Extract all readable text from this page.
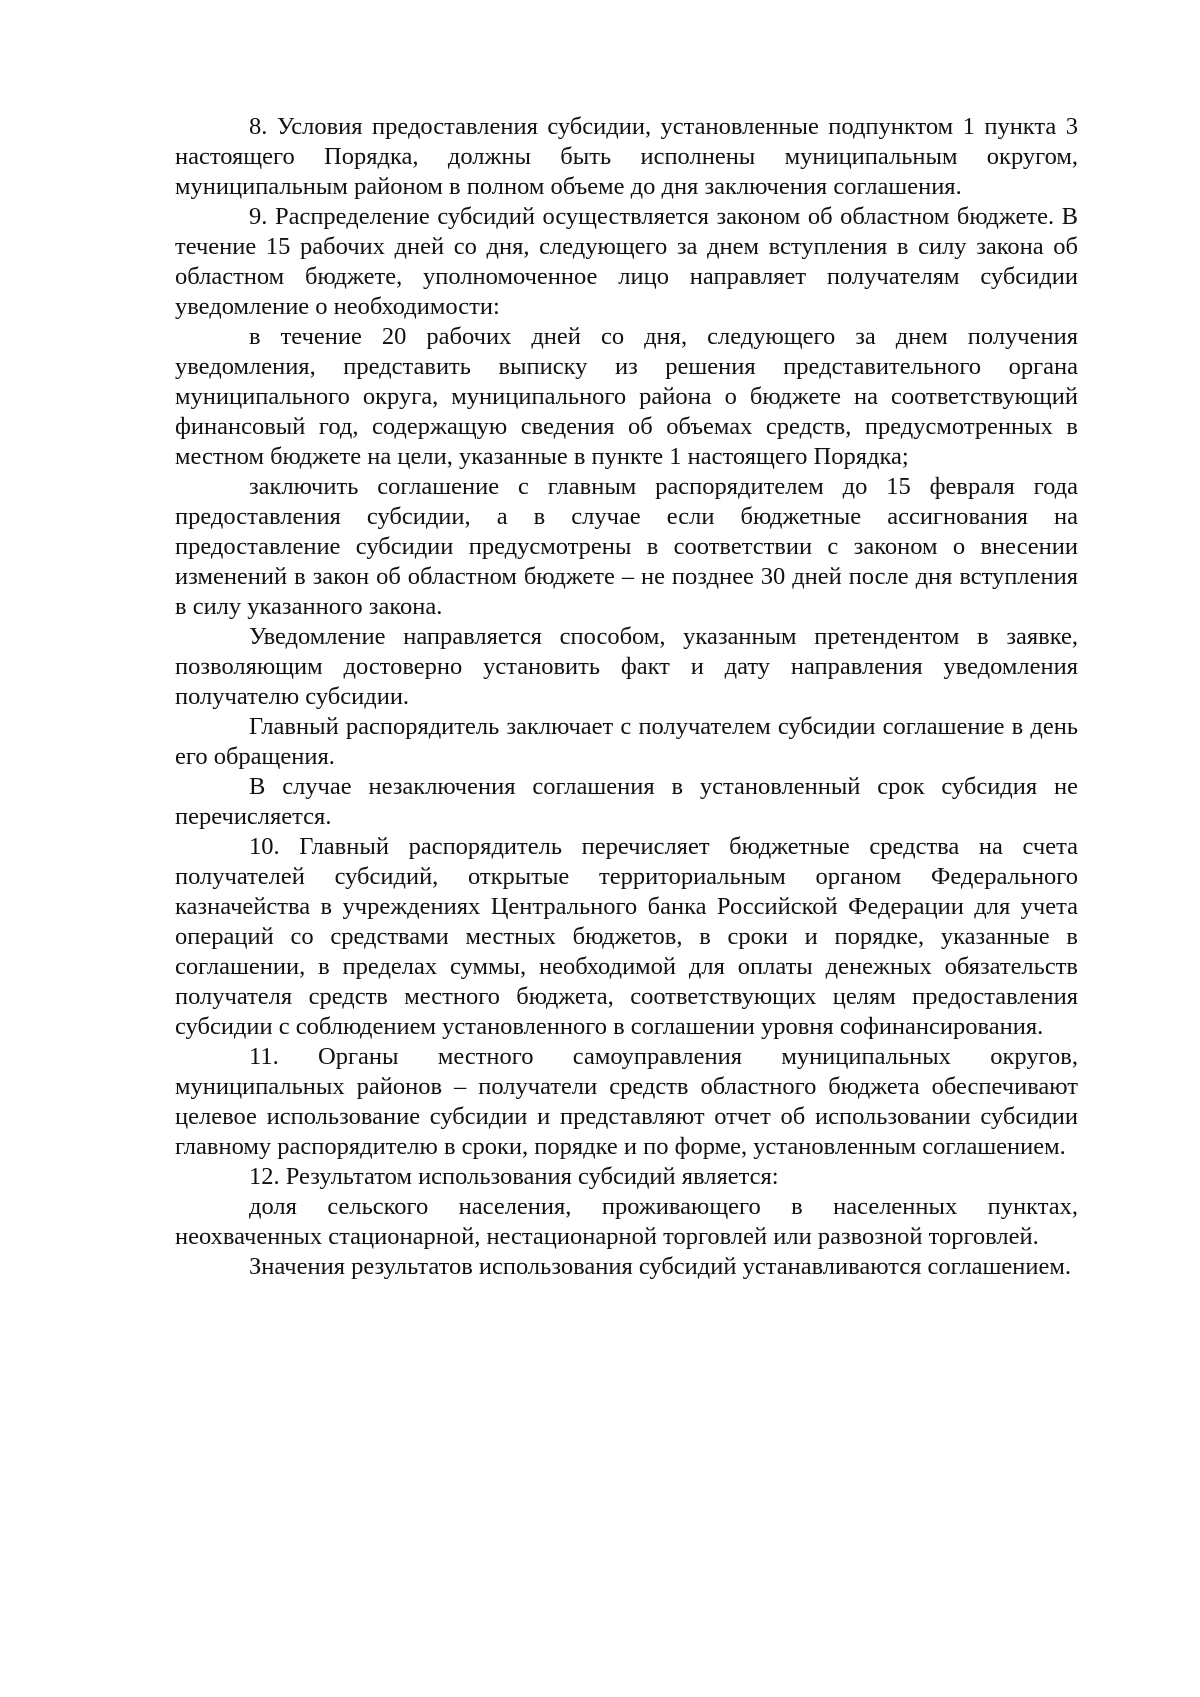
8. Условия предоставления субсидии, установленные подпунктом 1 пункта 3 настоящего Порядка, должны быть исполнены муниципальным округом, муниципальным районом в полном объеме до дня заключения соглашения.

9. Распределение субсидий осуществляется законом об областном бюджете. В течение 15 рабочих дней со дня, следующего за днем вступления в силу закона об областном бюджете, уполномоченное лицо направляет получателям субсидии уведомление о необходимости:

в течение 20 рабочих дней со дня, следующего за днем получения уведомления, представить выписку из решения представительного органа муниципального округа, муниципального района о бюджете на соответствующий финансовый год, содержащую сведения об объемах средств, предусмотренных в местном бюджете на цели, указанные в пункте 1 настоящего Порядка;

заключить соглашение с главным распорядителем до 15 февраля года предоставления субсидии, а в случае если бюджетные ассигнования на предоставление субсидии предусмотрены в соответствии с законом о внесении изменений в закон об областном бюджете – не позднее 30 дней после дня вступления в силу указанного закона.

Уведомление направляется способом, указанным претендентом в заявке, позволяющим достоверно установить факт и дату направления уведомления получателю субсидии.

Главный распорядитель заключает с получателем субсидии соглашение в день его обращения.

В случае незаключения соглашения в установленный срок субсидия не перечисляется.

10. Главный распорядитель перечисляет бюджетные средства на счета получателей субсидий, открытые территориальным органом Федерального казначейства в учреждениях Центрального банка Российской Федерации для учета операций со средствами местных бюджетов, в сроки и порядке, указанные в соглашении, в пределах суммы, необходимой для оплаты денежных обязательств получателя средств местного бюджета, соответствующих целям предоставления субсидии с соблюдением установленного в соглашении уровня софинансирования.

11. Органы местного самоуправления муниципальных округов, муниципальных районов – получатели средств областного бюджета обеспечивают целевое использование субсидии и представляют отчет об использовании субсидии главному распорядителю в сроки, порядке и по форме, установленным соглашением.

12. Результатом использования субсидий является:

доля сельского населения, проживающего в населенных пунктах, неохваченных стационарной, нестационарной торговлей или развозной торговлей.

Значения результатов использования субсидий устанавливаются соглашением.
